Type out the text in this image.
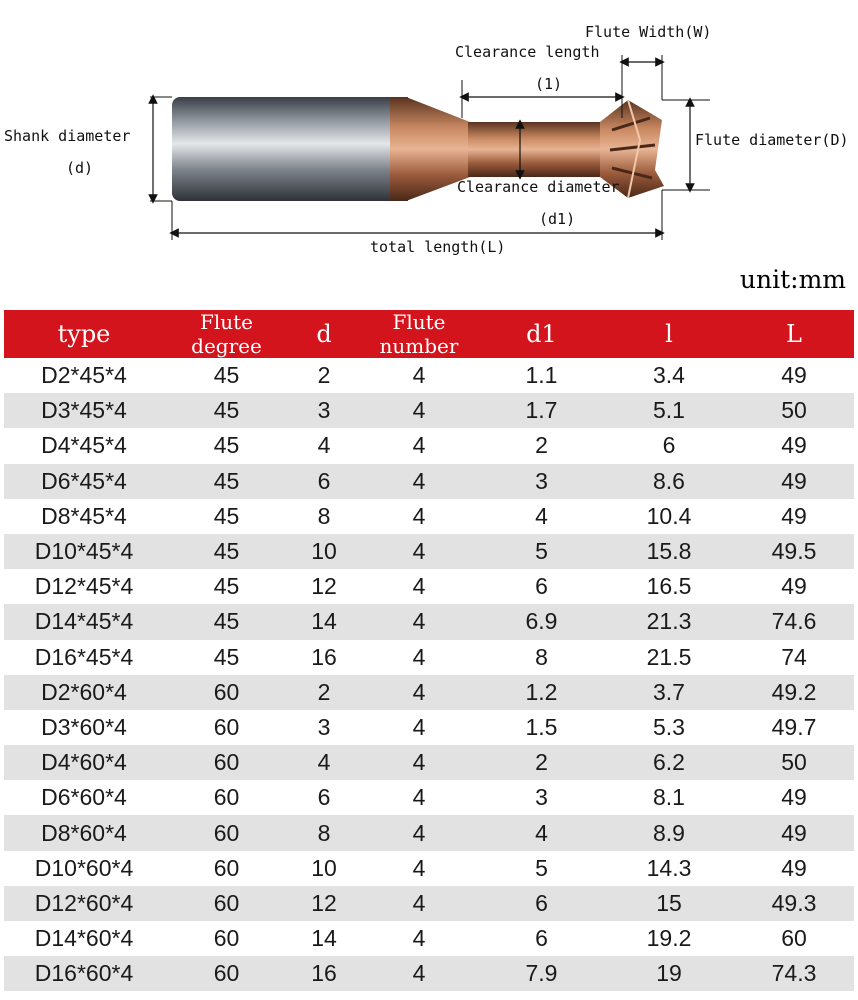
Flute Width(W)
Clearance length
(1)
Shank diameter
(d)
Flute diameter(D)
Clearance diameter
(d1)
total length(L)
unit:mm
type	Flute degree	d	Flute number	d1	l	L
D2*45*4	45	2	4	1.1	3.4	49
D3*45*4	45	3	4	1.7	5.1	50
D4*45*4	45	4	4	2	6	49
D6*45*4	45	6	4	3	8.6	49
D8*45*4	45	8	4	4	10.4	49
D10*45*4	45	10	4	5	15.8	49.5
D12*45*4	45	12	4	6	16.5	49
D14*45*4	45	14	4	6.9	21.3	74.6
D16*45*4	45	16	4	8	21.5	74
D2*60*4	60	2	4	1.2	3.7	49.2
D3*60*4	60	3	4	1.5	5.3	49.7
D4*60*4	60	4	4	2	6.2	50
D6*60*4	60	6	4	3	8.1	49
D8*60*4	60	8	4	4	8.9	49
D10*60*4	60	10	4	5	14.3	49
D12*60*4	60	12	4	6	15	49.3
D14*60*4	60	14	4	6	19.2	60
D16*60*4	60	16	4	7.9	19	74.3
